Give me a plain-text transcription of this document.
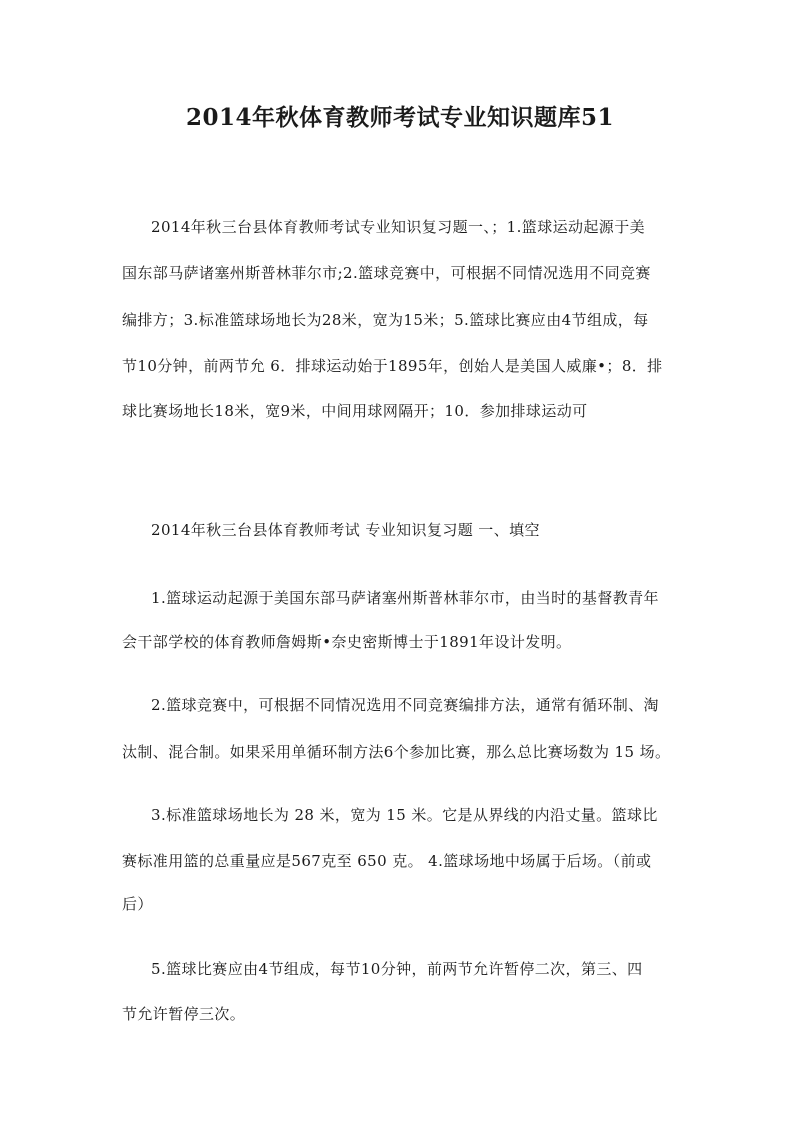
2014年秋体育教师考试专业知识题库51

2014年秋三台县体育教师考试专业知识复习题一、；1.篮球运动起源于美

国东部马萨诸塞州斯普林菲尔市;2.篮球竞赛中，可根据不同情况选用不同竞赛

编排方；3.标准篮球场地长为28米，宽为15米；5.篮球比赛应由4节组成，每

节10分钟，前两节允 6．排球运动始于1895年，创始人是美国人威廉•；8．排

球比赛场地长18米，宽9米，中间用球网隔开；10．参加排球运动可

2014年秋三台县体育教师考试 专业知识复习题 一、填空

1.篮球运动起源于美国东部马萨诸塞州斯普林菲尔市，由当时的基督教青年

会干部学校的体育教师詹姆斯•奈史密斯博士于1891年设计发明。

2.篮球竞赛中，可根据不同情况选用不同竞赛编排方法，通常有循环制、淘

汰制、混合制。如果采用单循环制方法6个参加比赛，那么总比赛场数为 15 场。

3.标准篮球场地长为 28 米，宽为 15 米。它是从界线的内沿丈量。篮球比

赛标准用篮的总重量应是567克至 650 克。 4.篮球场地中场属于后场。（前或

后）

5.篮球比赛应由4节组成，每节10分钟，前两节允许暂停二次，第三、四

节允许暂停三次。
